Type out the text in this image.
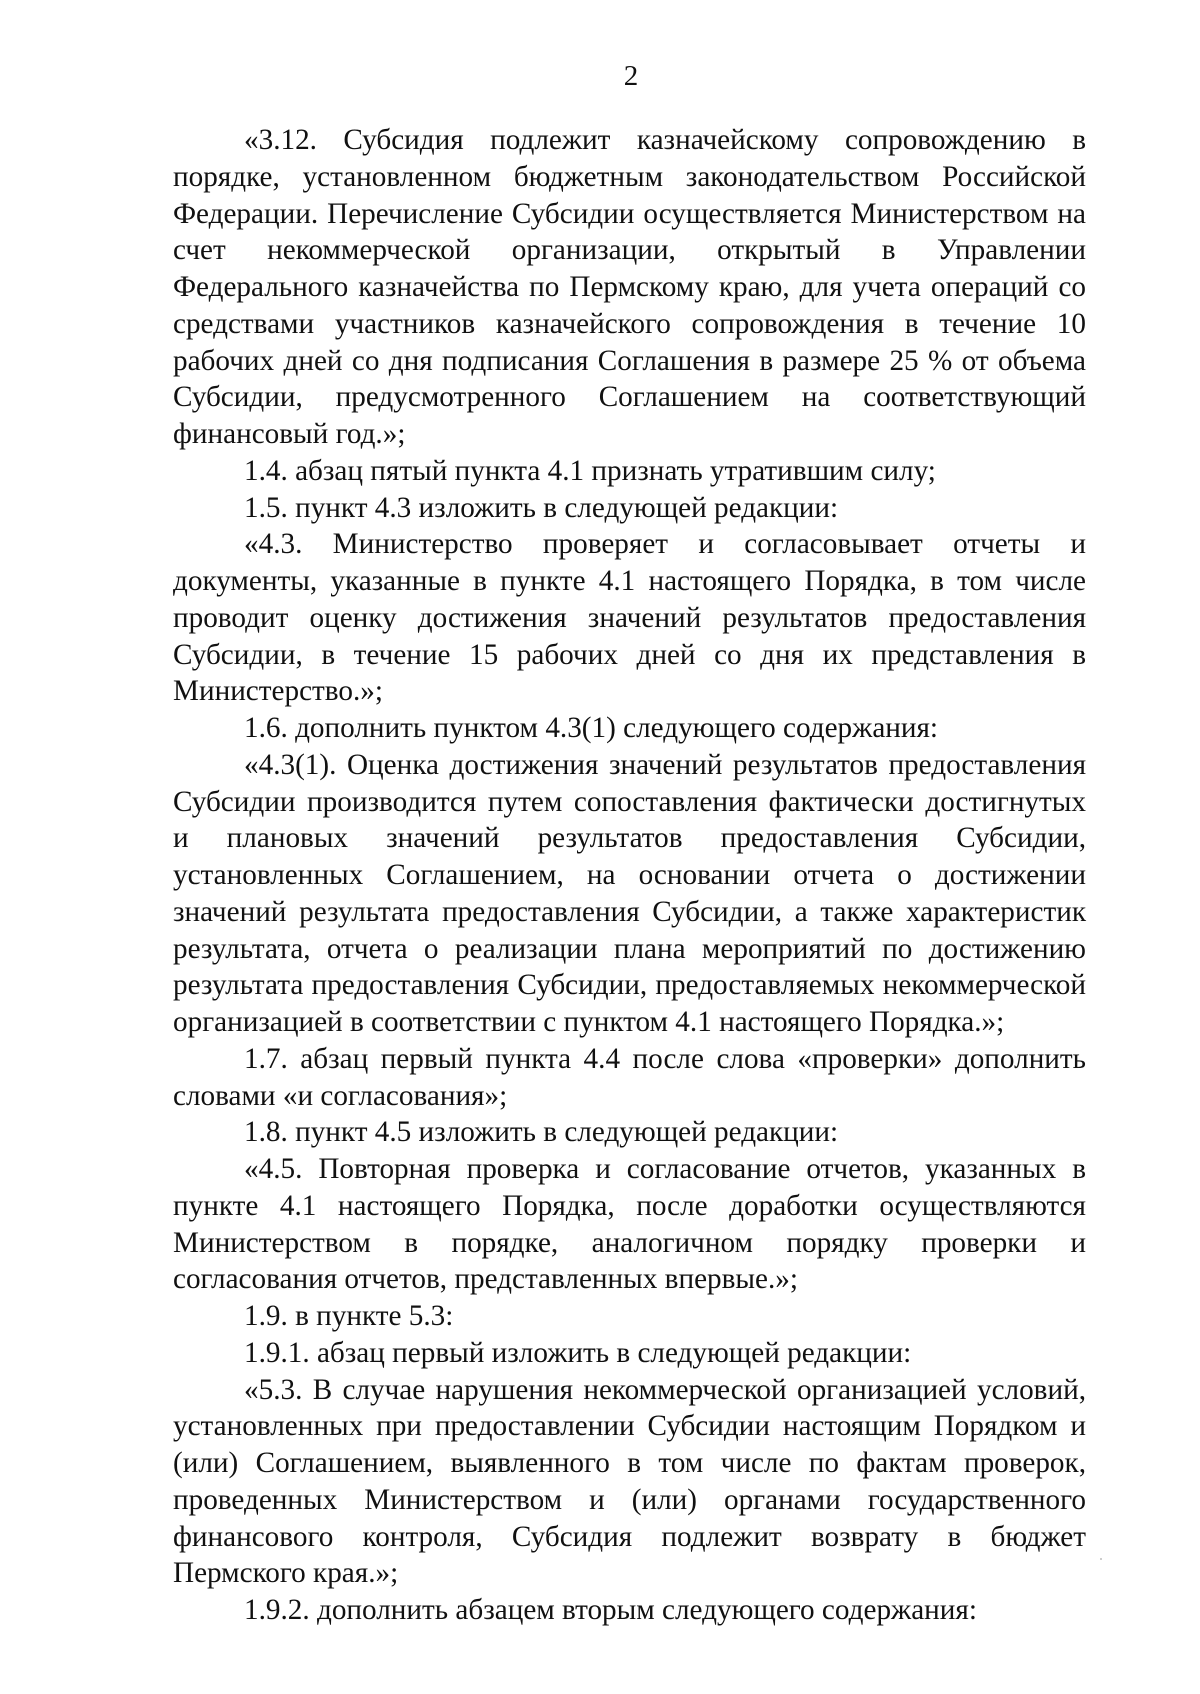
2

«3.12. Субсидия подлежит казначейскому сопровождению в порядке, установленном бюджетным законодательством Российской Федерации. Перечисление Субсидии осуществляется Министерством на счет некоммерческой организации, открытый в Управлении Федерального казначейства по Пермскому краю, для учета операций со средствами участников казначейского сопровождения в течение 10 рабочих дней со дня подписания Соглашения в размере 25 % от объема Субсидии, предусмотренного Соглашением на соответствующий финансовый год.»;

1.4. абзац пятый пункта 4.1 признать утратившим силу;

1.5. пункт 4.3 изложить в следующей редакции:

«4.3. Министерство проверяет и согласовывает отчеты и документы, указанные в пункте 4.1 настоящего Порядка, в том числе проводит оценку достижения значений результатов предоставления Субсидии, в течение 15 рабочих дней со дня их представления в Министерство.»;

1.6. дополнить пунктом 4.3(1) следующего содержания:

«4.3(1). Оценка достижения значений результатов предоставления Субсидии производится путем сопоставления фактически достигнутых и плановых значений результатов предоставления Субсидии, установленных Соглашением, на основании отчета о достижении значений результата предоставления Субсидии, а также характеристик результата, отчета о реализации плана мероприятий по достижению результата предоставления Субсидии, предоставляемых некоммерческой организацией в соответствии с пунктом 4.1 настоящего Порядка.»;

1.7. абзац первый пункта 4.4 после слова «проверки» дополнить словами «и согласования»;

1.8. пункт 4.5 изложить в следующей редакции:

«4.5. Повторная проверка и согласование отчетов, указанных в пункте 4.1 настоящего Порядка, после доработки осуществляются Министерством в порядке, аналогичном порядку проверки и согласования отчетов, представленных впервые.»;

1.9. в пункте 5.3:

1.9.1. абзац первый изложить в следующей редакции:

«5.3. В случае нарушения некоммерческой организацией условий, установленных при предоставлении Субсидии настоящим Порядком и (или) Соглашением, выявленного в том числе по фактам проверок, проведенных Министерством и (или) органами государственного финансового контроля, Субсидия подлежит возврату в бюджет Пермского края.»;

1.9.2. дополнить абзацем вторым следующего содержания:
